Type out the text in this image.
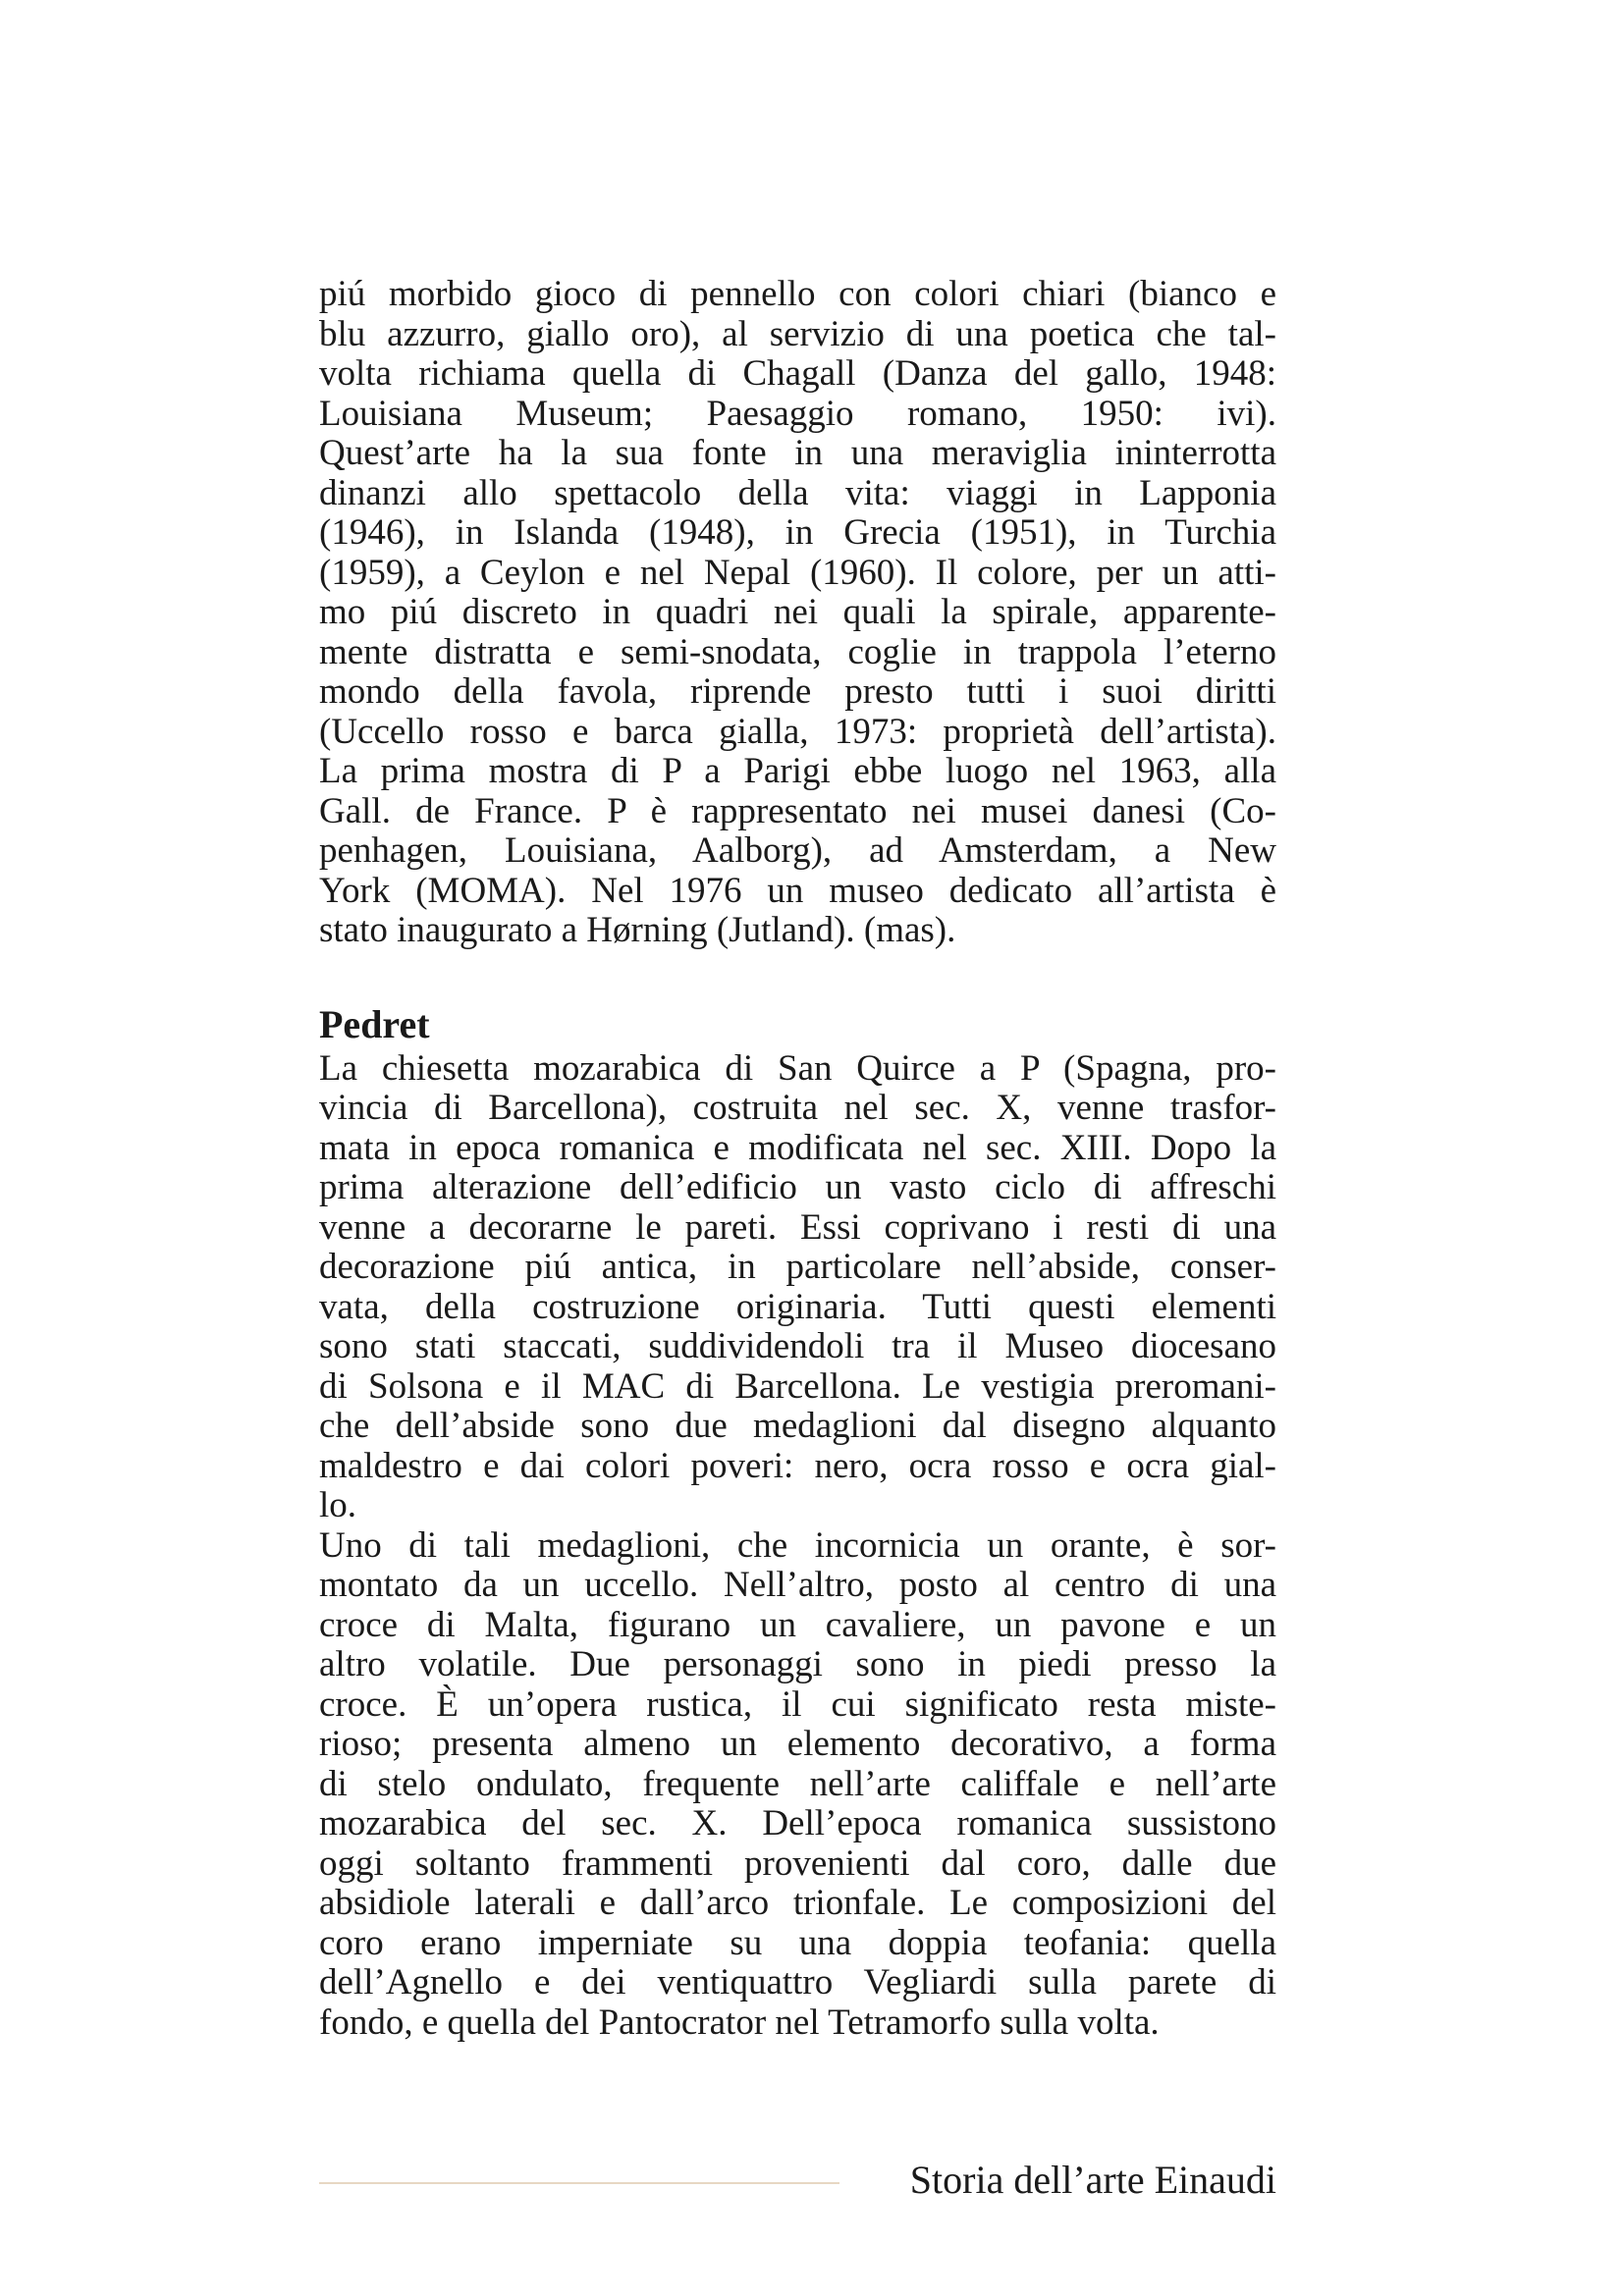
piú morbido gioco di pennello con colori chiari (bianco e
blu azzurro, giallo oro), al servizio di una poetica che tal-
volta richiama quella di Chagall (Danza del gallo, 1948:
Louisiana Museum; Paesaggio romano, 1950: ivi).
Quest’arte ha la sua fonte in una meraviglia ininterrotta
dinanzi allo spettacolo della vita: viaggi in Lapponia
(1946), in Islanda (1948), in Grecia (1951), in Turchia
(1959), a Ceylon e nel Nepal (1960). Il colore, per un atti-
mo piú discreto in quadri nei quali la spirale, apparente-
mente distratta e semi-snodata, coglie in trappola l’eterno
mondo della favola, riprende presto tutti i suoi diritti
(Uccello rosso e barca gialla, 1973: proprietà dell’artista).
La prima mostra di P a Parigi ebbe luogo nel 1963, alla
Gall. de France. P è rappresentato nei musei danesi (Co-
penhagen, Louisiana, Aalborg), ad Amsterdam, a New
York (MOMA). Nel 1976 un museo dedicato all’artista è
stato inaugurato a Hørning (Jutland). (mas).
Pedret
La chiesetta mozarabica di San Quirce a P (Spagna, pro-
vincia di Barcellona), costruita nel sec. X, venne trasfor-
mata in epoca romanica e modificata nel sec. XIII. Dopo la
prima alterazione dell’edificio un vasto ciclo di affreschi
venne a decorarne le pareti. Essi coprivano i resti di una
decorazione piú antica, in particolare nell’abside, conser-
vata, della costruzione originaria. Tutti questi elementi
sono stati staccati, suddividendoli tra il Museo diocesano
di Solsona e il MAC di Barcellona. Le vestigia preromani-
che dell’abside sono due medaglioni dal disegno alquanto
maldestro e dai colori poveri: nero, ocra rosso e ocra gial-
lo.
Uno di tali medaglioni, che incornicia un orante, è sor-
montato da un uccello. Nell’altro, posto al centro di una
croce di Malta, figurano un cavaliere, un pavone e un
altro volatile. Due personaggi sono in piedi presso la
croce. È un’opera rustica, il cui significato resta miste-
rioso; presenta almeno un elemento decorativo, a forma
di stelo ondulato, frequente nell’arte califfale e nell’arte
mozarabica del sec. X. Dell’epoca romanica sussistono
oggi soltanto frammenti provenienti dal coro, dalle due
absidiole laterali e dall’arco trionfale. Le composizioni del
coro erano imperniate su una doppia teofania: quella
dell’Agnello e dei ventiquattro Vegliardi sulla parete di
fondo, e quella del Pantocrator nel Tetramorfo sulla volta.
Storia dell’arte Einaudi
